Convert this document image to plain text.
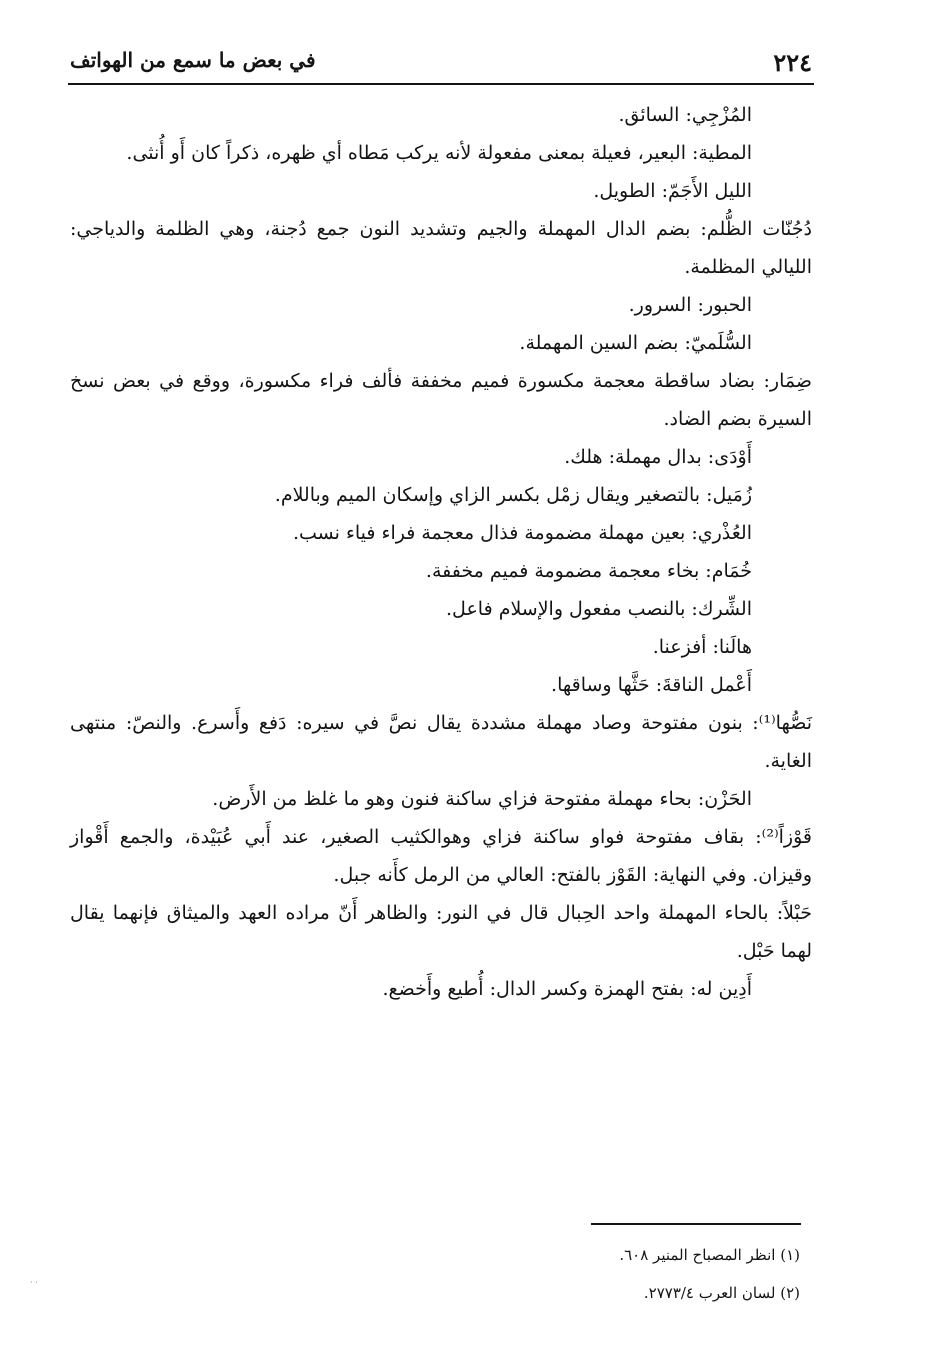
٢٢٤
في بعض ما سمع من الهواتف

المُزْجِي: السائق.

المطية: البعير، فعيلة بمعنى مفعولة لأنه يركب مَطاه أي ظهره، ذكراً كان أَو أُنثى.

الليل الأَجَمّ: الطويل.

دُجُنّات الظُّلم: بضم الدال المهملة والجيم وتشديد النون جمع دُجنة، وهي الظلمة والدياجي: الليالي المظلمة.

الحبور: السرور.

السُّلَميّ: بضم السين المهملة.

ضِمَار: بضاد ساقطة معجمة مكسورة فميم مخففة فألف فراء مكسورة، ووقع في بعض نسخ السيرة بضم الضاد.

أَوْدَى: بدال مهملة: هلك.

زُمَيل: بالتصغير ويقال زمْل بكسر الزاي وإسكان الميم وباللام.

العُذْري: بعين مهملة مضمومة فذال معجمة فراء فياء نسب.

خُمَام: بخاء معجمة مضمومة فميم مخففة.

الشِّرك: بالنصب مفعول والإسلام فاعل.

هالَنا: أفزعنا.

أَعْمل الناقةَ: حَثَّها وساقها.

نَصُّها⁽¹⁾: بنون مفتوحة وصاد مهملة مشددة يقال نصَّ في سيره: دَفع وأَسرع. والنصّ: منتهى الغاية.

الحَزْن: بحاء مهملة مفتوحة فزاي ساكنة فنون وهو ما غلظ من الأَرض.

قَوْزاً⁽²⁾: بقاف مفتوحة فواو ساكنة فزاي وهوالكثيب الصغير، عند أَبي عُبَيْدة، والجمع أَقْواز وقيزان. وفي النهاية: القَوْز بالفتح: العالي من الرمل كأَنه جبل.

حَبْلاً: بالحاء المهملة واحد الحِبال قال في النور: والظاهر أَنّ مراده العهد والميثاق فإنهما يقال لهما حَبْل.

أَدِين له: بفتح الهمزة وكسر الدال: أُطيع وأَخضع.

(١) انظر المصباح المنير ٦٠٨.

(٢) لسان العرب ٢٧٧٣/٤.

· ·
